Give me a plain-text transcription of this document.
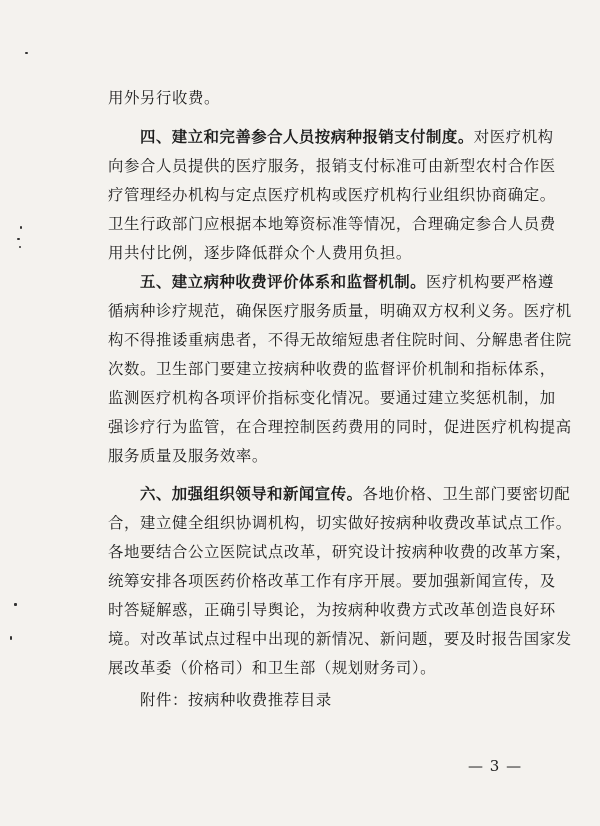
用外另行收费。
四、建立和完善参合人员按病种报销支付制度。对医疗机构
向参合人员提供的医疗服务，报销支付标准可由新型农村合作医
疗管理经办机构与定点医疗机构或医疗机构行业组织协商确定。
卫生行政部门应根据本地筹资标准等情况，合理确定参合人员费
用共付比例，逐步降低群众个人费用负担。
五、建立病种收费评价体系和监督机制。医疗机构要严格遵
循病种诊疗规范，确保医疗服务质量，明确双方权利义务。医疗机
构不得推诿重病患者，不得无故缩短患者住院时间、分解患者住院
次数。卫生部门要建立按病种收费的监督评价机制和指标体系，
监测医疗机构各项评价指标变化情况。要通过建立奖惩机制，加
强诊疗行为监管，在合理控制医药费用的同时，促进医疗机构提高
服务质量及服务效率。
六、加强组织领导和新闻宣传。各地价格、卫生部门要密切配
合，建立健全组织协调机构，切实做好按病种收费改革试点工作。
各地要结合公立医院试点改革，研究设计按病种收费的改革方案，
统筹安排各项医药价格改革工作有序开展。要加强新闻宣传，及
时答疑解惑，正确引导舆论，为按病种收费方式改革创造良好环
境。对改革试点过程中出现的新情况、新问题，要及时报告国家发
展改革委（价格司）和卫生部（规划财务司）。
附件：按病种收费推荐目录
— 3 —
